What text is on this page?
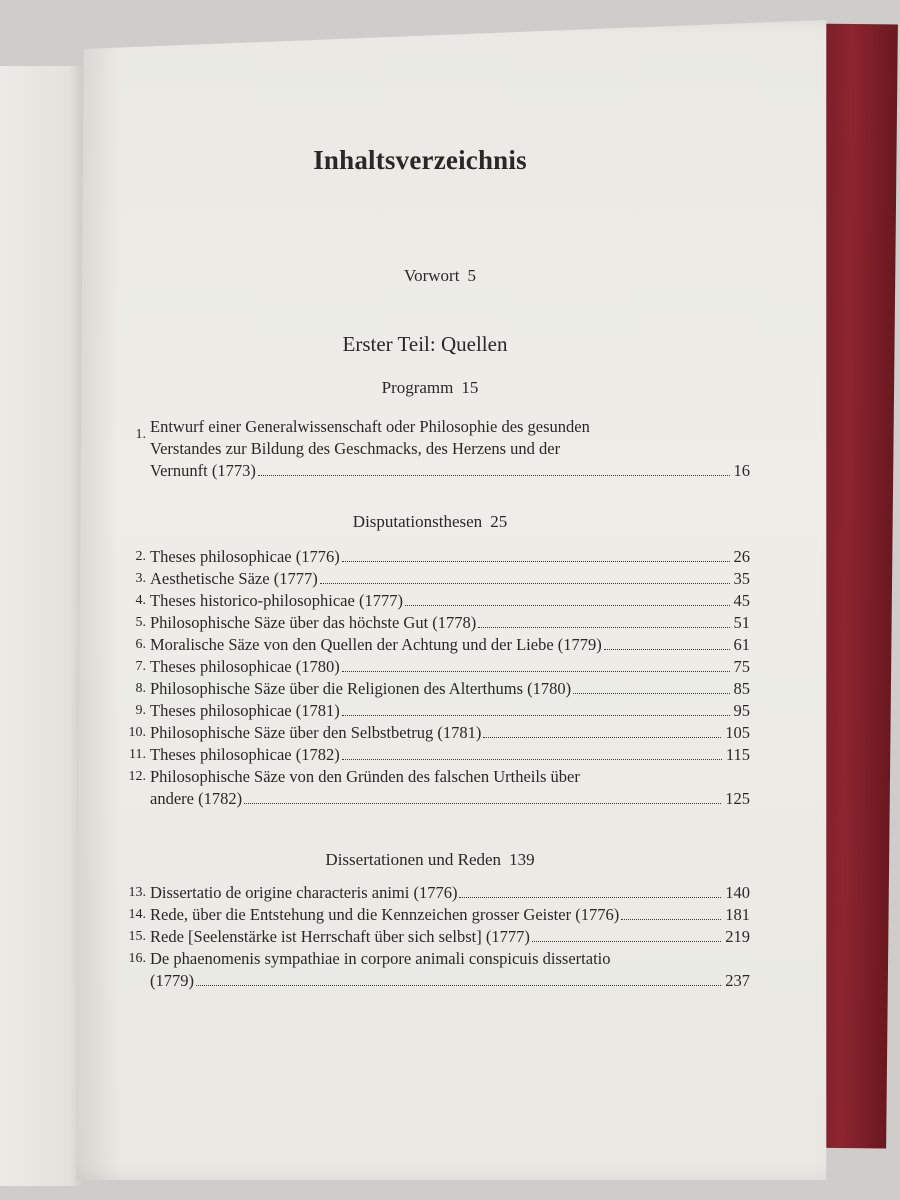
Inhaltsverzeichnis
Vorwort 5
Erster Teil: Quellen
Programm 15
1. Entwurf einer Generalwissenschaft oder Philosophie des gesunden
Verstandes zur Bildung des Geschmacks, des Herzens und der
Vernunft (1773)	16
Disputationsthesen 25
2. Theses philosophicae (1776)	26
3. Aesthetische Säze (1777)	35
4. Theses historico-philosophicae (1777)	45
5. Philosophische Säze über das höchste Gut (1778)	51
6. Moralische Säze von den Quellen der Achtung und der Liebe (1779)	61
7. Theses philosophicae (1780)	75
8. Philosophische Säze über die Religionen des Alterthums (1780)	85
9. Theses philosophicae (1781)	95
10. Philosophische Säze über den Selbstbetrug (1781)	105
11. Theses philosophicae (1782)	115
12. Philosophische Säze von den Gründen des falschen Urtheils über
andere (1782)	125
Dissertationen und Reden 139
13. Dissertatio de origine characteris animi (1776)	140
14. Rede, über die Entstehung und die Kennzeichen grosser Geister (1776)	181
15. Rede [Seelenstärke ist Herrschaft über sich selbst] (1777)	219
16. De phaenomenis sympathiae in corpore animali conspicuis dissertatio
(1779)	237
